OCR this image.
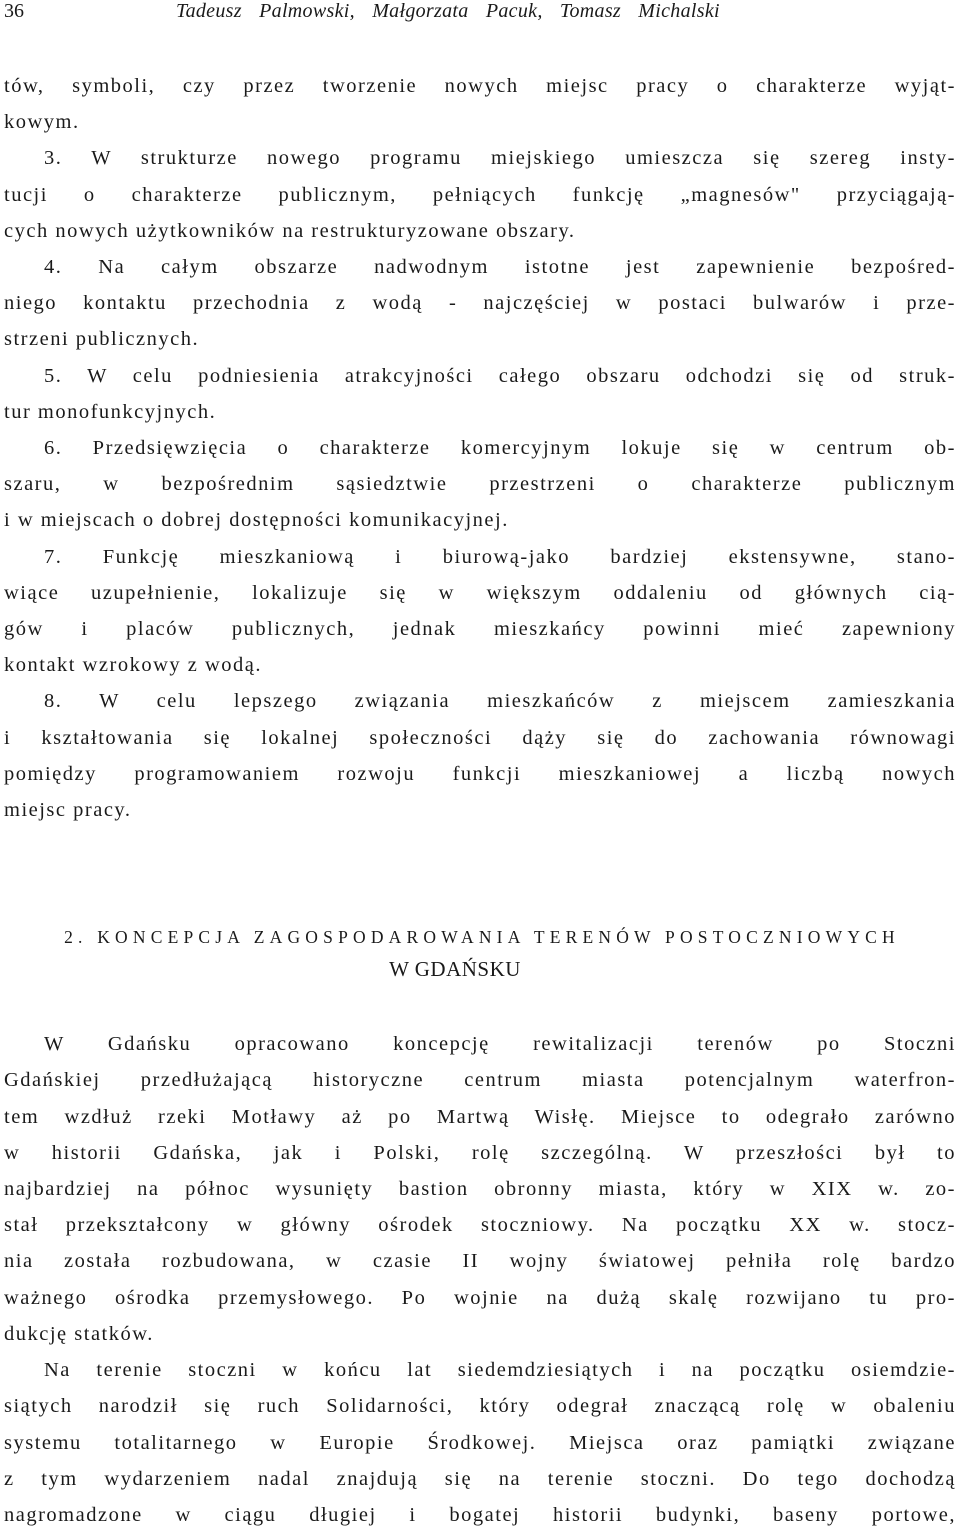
36	Tadeusz Palmowski, Małgorzata Pacuk, Tomasz Michalski
tów, symboli, czy przez tworzenie nowych miejsc pracy o charakterze wyjąt-
kowym.
3. W strukturze nowego programu miejskiego umieszcza się szereg insty-
tucji o charakterze publicznym, pełniących funkcję „magnesów" przyciągają-
cych nowych użytkowników na restrukturyzowane obszary.
4. Na całym obszarze nadwodnym istotne jest zapewnienie bezpośred-
niego kontaktu przechodnia z wodą - najczęściej w postaci bulwarów i prze-
strzeni publicznych.
5. W celu podniesienia atrakcyjności całego obszaru odchodzi się od struk-
tur monofunkcyjnych.
6. Przedsięwzięcia o charakterze komercyjnym lokuje się w centrum ob-
szaru, w bezpośrednim sąsiedztwie przestrzeni o charakterze publicznym
i w miejscach o dobrej dostępności komunikacyjnej.
7. Funkcję mieszkaniową i biurową-jako bardziej ekstensywne, stano-
wiące uzupełnienie, lokalizuje się w większym oddaleniu od głównych cią-
gów i placów publicznych, jednak mieszkańcy powinni mieć zapewniony
kontakt wzrokowy z wodą.
8. W celu lepszego związania mieszkańców z miejscem zamieszkania
i kształtowania się lokalnej społeczności dąży się do zachowania równowagi
pomiędzy programowaniem rozwoju funkcji mieszkaniowej a liczbą nowych
miejsc pracy.
2. KONCEPCJA ZAGOSPODAROWANIA TERENÓW POSTOCZNIOWYCH
W GDAŃSKU
W Gdańsku opracowano koncepcję rewitalizacji terenów po Stoczni
Gdańskiej przedłużającą historyczne centrum miasta potencjalnym waterfron-
tem wzdłuż rzeki Motławy aż po Martwą Wisłę. Miejsce to odegrało zarówno
w historii Gdańska, jak i Polski, rolę szczególną. W przeszłości był to
najbardziej na północ wysunięty bastion obronny miasta, który w XIX w. zo-
stał przekształcony w główny ośrodek stoczniowy. Na początku XX w. stocz-
nia została rozbudowana, w czasie II wojny światowej pełniła rolę bardzo
ważnego ośrodka przemysłowego. Po wojnie na dużą skalę rozwijano tu pro-
dukcję statków.
Na terenie stoczni w końcu lat siedemdziesiątych i na początku osiemdzie-
siątych narodził się ruch Solidarności, który odegrał znaczącą rolę w obaleniu
systemu totalitarnego w Europie Środkowej. Miejsca oraz pamiątki związane
z tym wydarzeniem nadal znajdują się na terenie stoczni. Do tego dochodzą
nagromadzone w ciągu długiej i bogatej historii budynki, baseny portowe,
